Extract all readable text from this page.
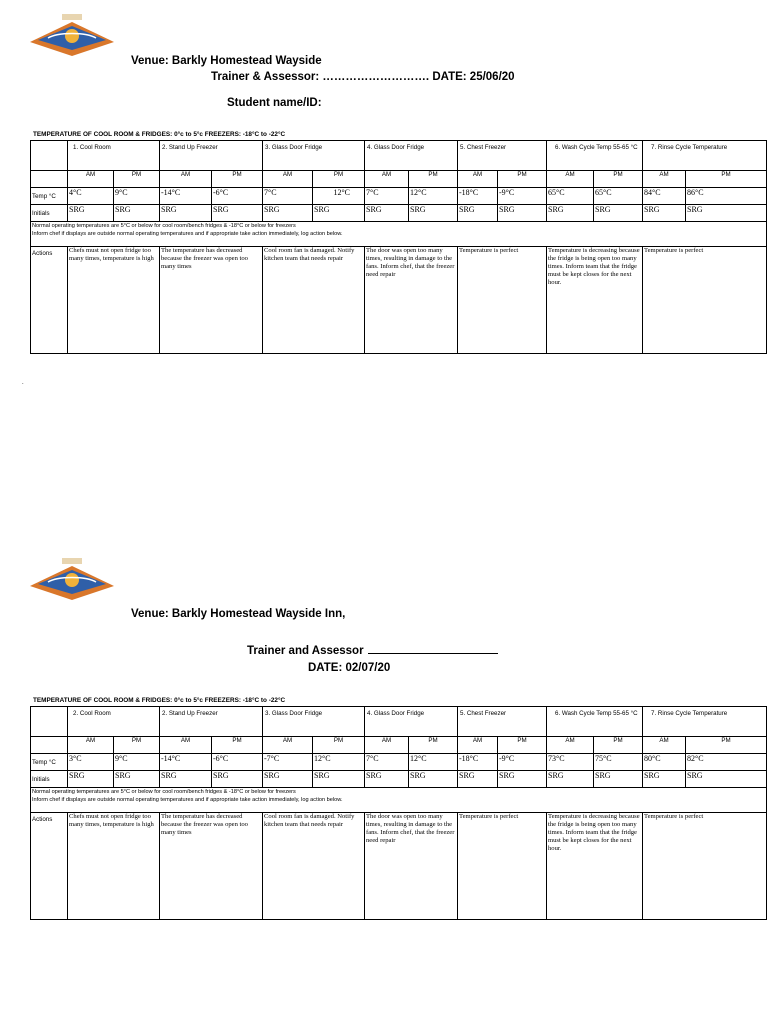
Venue: Barkly Homestead Wayside
Trainer & Assessor: ………………………. DATE: 25/06/20
Student name/ID:
TEMPERATURE OF COOL ROOM & FRIDGES: 0°c to 5°c FREEZERS: -18°C to -22°C
	1. Cool Room		2. Stand Up Freezer		3. Glass Door Fridge		4. Glass Door Fridge		5. Chest Freezer		6. Wash Cycle Temp 55-65 °C		7. Rinse Cycle Temperature	
	AM	PM	AM	PM	AM	PM	AM	PM	AM	PM	AM	PM	AM	PM
Temp °C	4°C	9°C	-14°C	-6°C	7°C	12°C	7°C	12°C	-18°C	-9°C	65°C	65°C	84°C	86°C
Initials	SRG	SRG	SRG	SRG	SRG	SRG	SRG	SRG	SRG	SRG	SRG	SRG	SRG	SRG

Normal operating temperatures are 5°C or below for cool room/bench fridges & -18°C or below for freezers
Inform chef if displays are outside normal operating temperatures and if appropriate take action immediately, log action below.														

Actions	Chefs must not open fridge too many times, temperature is high		The temperature has decreased because the freezer was open too many times		Cool room fan is damaged. Notify kitchen team that needs repair		The door was open too many times, resulting in damage to the fans. Inform chef, that the freezer need repair		Temperature is perfect		Temperature is decreasing because the fridge is being open too many times. Inform team that the fridge must be kept closes for the next hour.		Temperature is perfect	
.
Venue: Barkly Homestead Wayside Inn,
Trainer and Assessor
DATE: 02/07/20
TEMPERATURE OF COOL ROOM & FRIDGES: 0°c to 5°c FREEZERS: -18°C to -22°C
	2. Cool Room		2. Stand Up Freezer		3. Glass Door Fridge		4. Glass Door Fridge		5. Chest Freezer		6. Wash Cycle Temp 55-65 °C		7. Rinse Cycle Temperature	
	AM	PM	AM	PM	AM	PM	AM	PM	AM	PM	AM	PM	AM	PM
Temp °C	3°C	9°C	-14°C	-6°C	-7°C	12°C	7°C	12°C	-18°C	-9°C	73°C	75°C	80°C	82°C
Initials	SRG	SRG	SRG	SRG	SRG	SRG	SRG	SRG	SRG	SRG	SRG	SRG	SRG	SRG

Normal operating temperatures are 5°C or below for cool room/bench fridges & -18°C or below for freezers
Inform chef if displays are outside normal operating temperatures and if appropriate take action immediately, log action below.														

Actions	Chefs must not open fridge too many times, temperature is high		The temperature has decreased because the freezer was open too many times		Cool room fan is damaged. Notify kitchen team that needs repair		The door was open too many times, resulting in damage to the fans. Inform chef, that the freezer need repair		Temperature is perfect		Temperature is decreasing because the fridge is being open too many times. Inform team that the fridge must be kept closes for the next hour.		Temperature is perfect	
